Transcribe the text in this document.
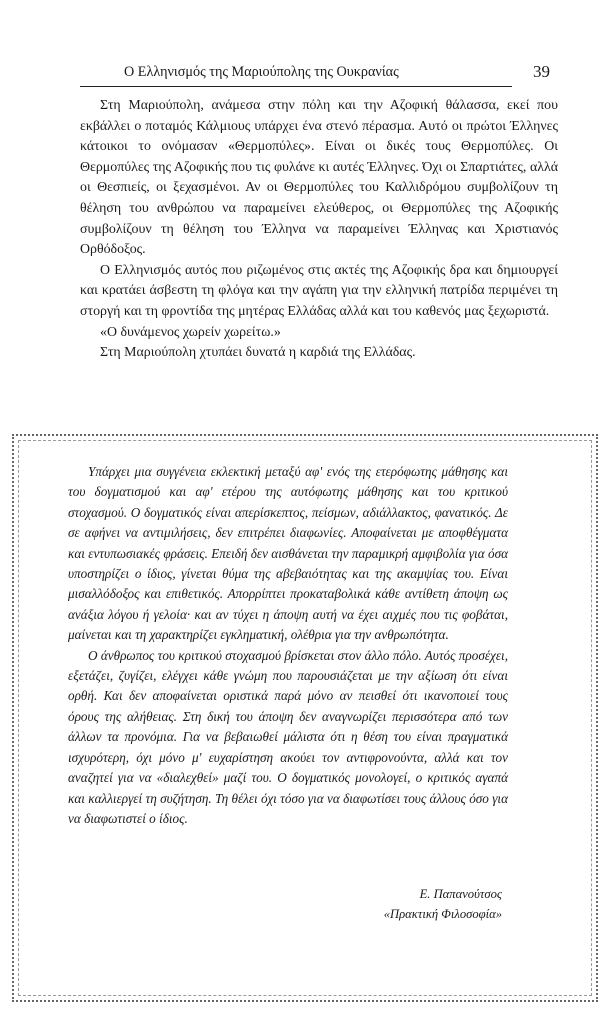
Ο Ελληνισμός της Μαριούπολης της Ουκρανίας	39

Στη Μαριούπολη, ανάμεσα στην πόλη και την Αζοφική θάλασσα, εκεί που εκβάλλει ο ποταμός Κάλμιους υπάρχει ένα στενό πέρασμα. Αυτό οι πρώτοι Έλληνες κάτοικοι το ονόμασαν «Θερμοπύλες». Είναι οι δικές τους Θερμοπύλες. Οι Θερμοπύλες της Αζοφικής που τις φυλάνε κι αυτές Έλληνες. Όχι οι Σπαρτιάτες, αλλά οι Θεσπιείς, οι ξεχασμένοι. Αν οι Θερμοπύλες του Καλλιδρόμου συμβολίζουν τη θέληση του ανθρώπου να παραμείνει ελεύθερος, οι Θερμοπύλες της Αζοφικής συμβολίζουν τη θέληση του Έλληνα να παραμείνει Έλληνας και Χριστιανός Ορθόδοξος.

Ο Ελληνισμός αυτός που ριζωμένος στις ακτές της Αζοφικής δρα και δημιουργεί και κρατάει άσβεστη τη φλόγα και την αγάπη για την ελληνική πατρίδα περιμένει τη στοργή και τη φροντίδα της μητέρας Ελλάδας αλλά και του καθενός μας ξεχωριστά.

«Ο δυνάμενος χωρείν χωρείτω.»

Στη Μαριούπολη χτυπάει δυνατά η καρδιά της Ελλάδας.

Υπάρχει μια συγγένεια εκλεκτική μεταξύ αφ' ενός της ετερόφωτης μάθησης και του δογματισμού και αφ' ετέρου της αυτόφωτης μάθησης και του κριτικού στοχασμού. Ο δογματικός είναι απερίσκεπτος, πείσμων, αδιάλλακτος, φανατικός. Δε σε αφήνει να αντιμιλήσεις, δεν επιτρέπει διαφωνίες. Αποφαίνεται με αποφθέγματα και εντυπωσιακές φράσεις. Επειδή δεν αισθάνεται την παραμικρή αμφιβολία για όσα υποστηρίζει ο ίδιος, γίνεται θύμα της αβεβαιότητας και της ακαμψίας του. Είναι μισαλλόδοξος και επιθετικός. Απορρίπτει προκαταβολικά κάθε αντίθετη άποψη ως ανάξια λόγου ή γελοία· και αν τύχει η άποψη αυτή να έχει αιχμές που τις φοβάται, μαίνεται και τη χαρακτηρίζει εγκληματική, ολέθρια για την ανθρωπότητα.

Ο άνθρωπος του κριτικού στοχασμού βρίσκεται στον άλλο πόλο. Αυτός προσέχει, εξετάζει, ζυγίζει, ελέγχει κάθε γνώμη που παρουσιάζεται με την αξίωση ότι είναι ορθή. Και δεν αποφαίνεται οριστικά παρά μόνο αν πεισθεί ότι ικανοποιεί τους όρους της αλήθειας. Στη δική του άποψη δεν αναγνωρίζει περισσότερα από των άλλων τα προνόμια. Για να βεβαιωθεί μάλιστα ότι η θέση του είναι πραγματικά ισχυρότερη, όχι μόνο μ' ευχαρίστηση ακούει τον αντιφρονούντα, αλλά και τον αναζητεί για να «διαλεχθεί» μαζί του. Ο δογματικός μονολογεί, ο κριτικός αγαπά και καλλιεργεί τη συζήτηση. Τη θέλει όχι τόσο για να διαφωτίσει τους άλλους όσο για να διαφωτιστεί ο ίδιος.

Ε. Παπανούτσος
«Πρακτική Φιλοσοφία»
